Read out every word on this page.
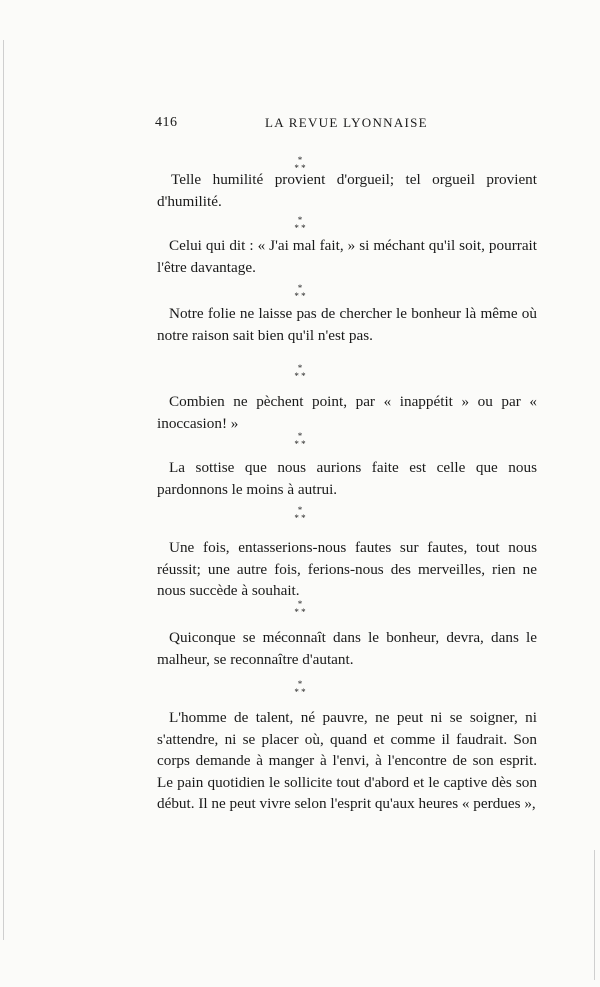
416	LA REVUE LYONNAISE
*
* *
*
* *
*
* *
*
* *
*
* *
*
* *
*
* *
*
* *

Telle humilité provient d'orgueil; tel orgueil provient d'humilité.

Celui qui dit : « J'ai mal fait, » si méchant qu'il soit, pourrait l'être davantage.

Notre folie ne laisse pas de chercher le bonheur là même où notre raison sait bien qu'il n'est pas.

Combien ne pèchent point, par « inappétit » ou par « inoccasion! »

La sottise que nous aurions faite est celle que nous pardonnons le moins à autrui.

Une fois, entasserions-nous fautes sur fautes, tout nous réussit; une autre fois, ferions-nous des merveilles, rien ne nous succède à souhait.

Quiconque se méconnaît dans le bonheur, devra, dans le malheur, se reconnaître d'autant.

L'homme de talent, né pauvre, ne peut ni se soigner, ni s'attendre, ni se placer où, quand et comme il faudrait. Son corps demande à manger à l'envi, à l'encontre de son esprit. Le pain quotidien le sollicite tout d'abord et le captive dès son début. Il ne peut vivre selon l'esprit qu'aux heures « perdues »,
